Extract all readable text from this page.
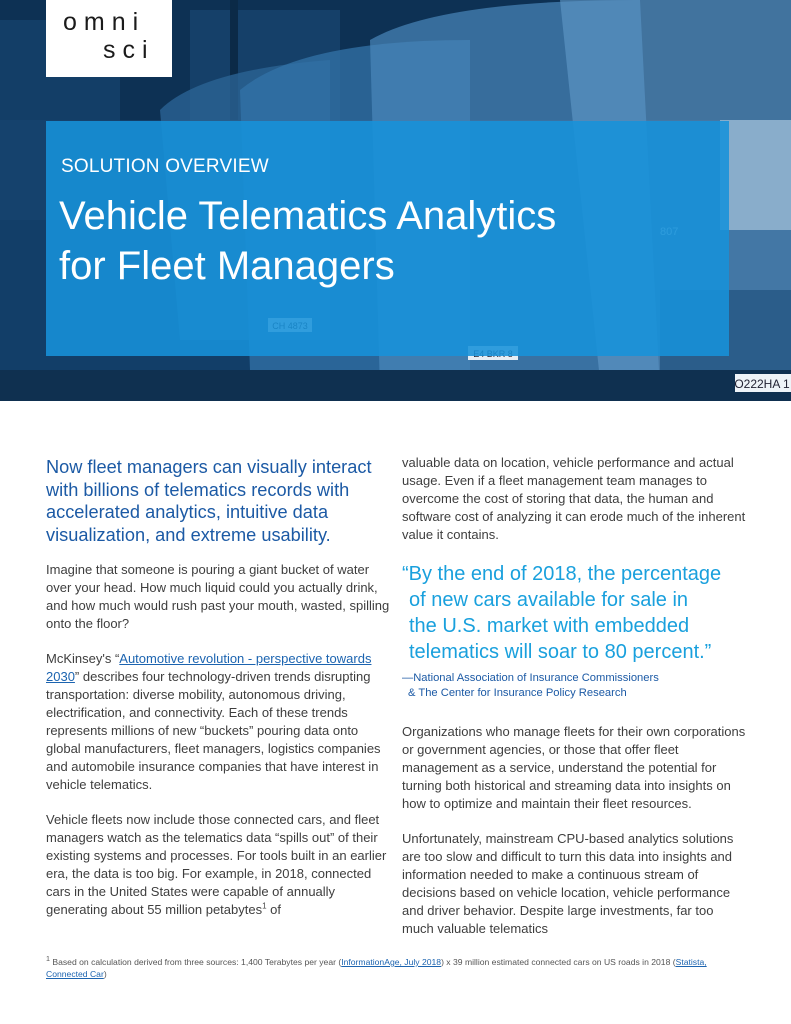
O222HA 1
omni
sci
SOLUTION OVERVIEW
Vehicle Telematics Analytics
for Fleet Managers

Now fleet managers can visually interact with billions of telematics records with accelerated analytics, intuitive data visualization, and extreme usability.

Imagine that someone is pouring a giant bucket of water over your head. How much liquid could you actually drink, and how much would rush past your mouth, wasted, spilling onto the floor?

McKinsey's “Automotive revolution - perspective towards 2030” describes four technology-driven trends disrupting transportation: diverse mobility, autonomous driving, electrification, and connectivity. Each of these trends represents millions of new “buckets” pouring data onto global manufacturers, fleet managers, logistics companies and automobile insurance companies that have interest in vehicle telematics.

Vehicle fleets now include those connected cars, and fleet managers watch as the telematics data “spills out” of their existing systems and processes. For tools built in an earlier era, the data is too big. For example, in 2018, connected cars in the United States were capable of annually generating about 55 million petabytes$^1$ of

valuable data on location, vehicle performance and actual usage. Even if a fleet management team manages to overcome the cost of storing that data, the human and software cost of analyzing it can erode much of the inherent value it contains.

“By the end of 2018, the percentage
of new cars available for sale in
the U.S. market with embedded
telematics will soar to 80 percent.”
—National Association of Insurance Commissioners
& The Center for Insurance Policy Research

Organizations who manage fleets for their own corporations or government agencies, or those that offer fleet management as a service, understand the potential for turning both historical and streaming data into insights on how to optimize and maintain their fleet resources.

Unfortunately, mainstream CPU-based analytics solutions are too slow and difficult to turn this data into insights and information needed to make a continuous stream of decisions based on vehicle location, vehicle performance and driver behavior. Despite large investments, far too much valuable telematics

$^1$ Based on calculation derived from three sources: 1,400 Terabytes per year (InformationAge, July 2018) x 39 million estimated connected cars on US roads in 2018 (Statista, Connected Car)
